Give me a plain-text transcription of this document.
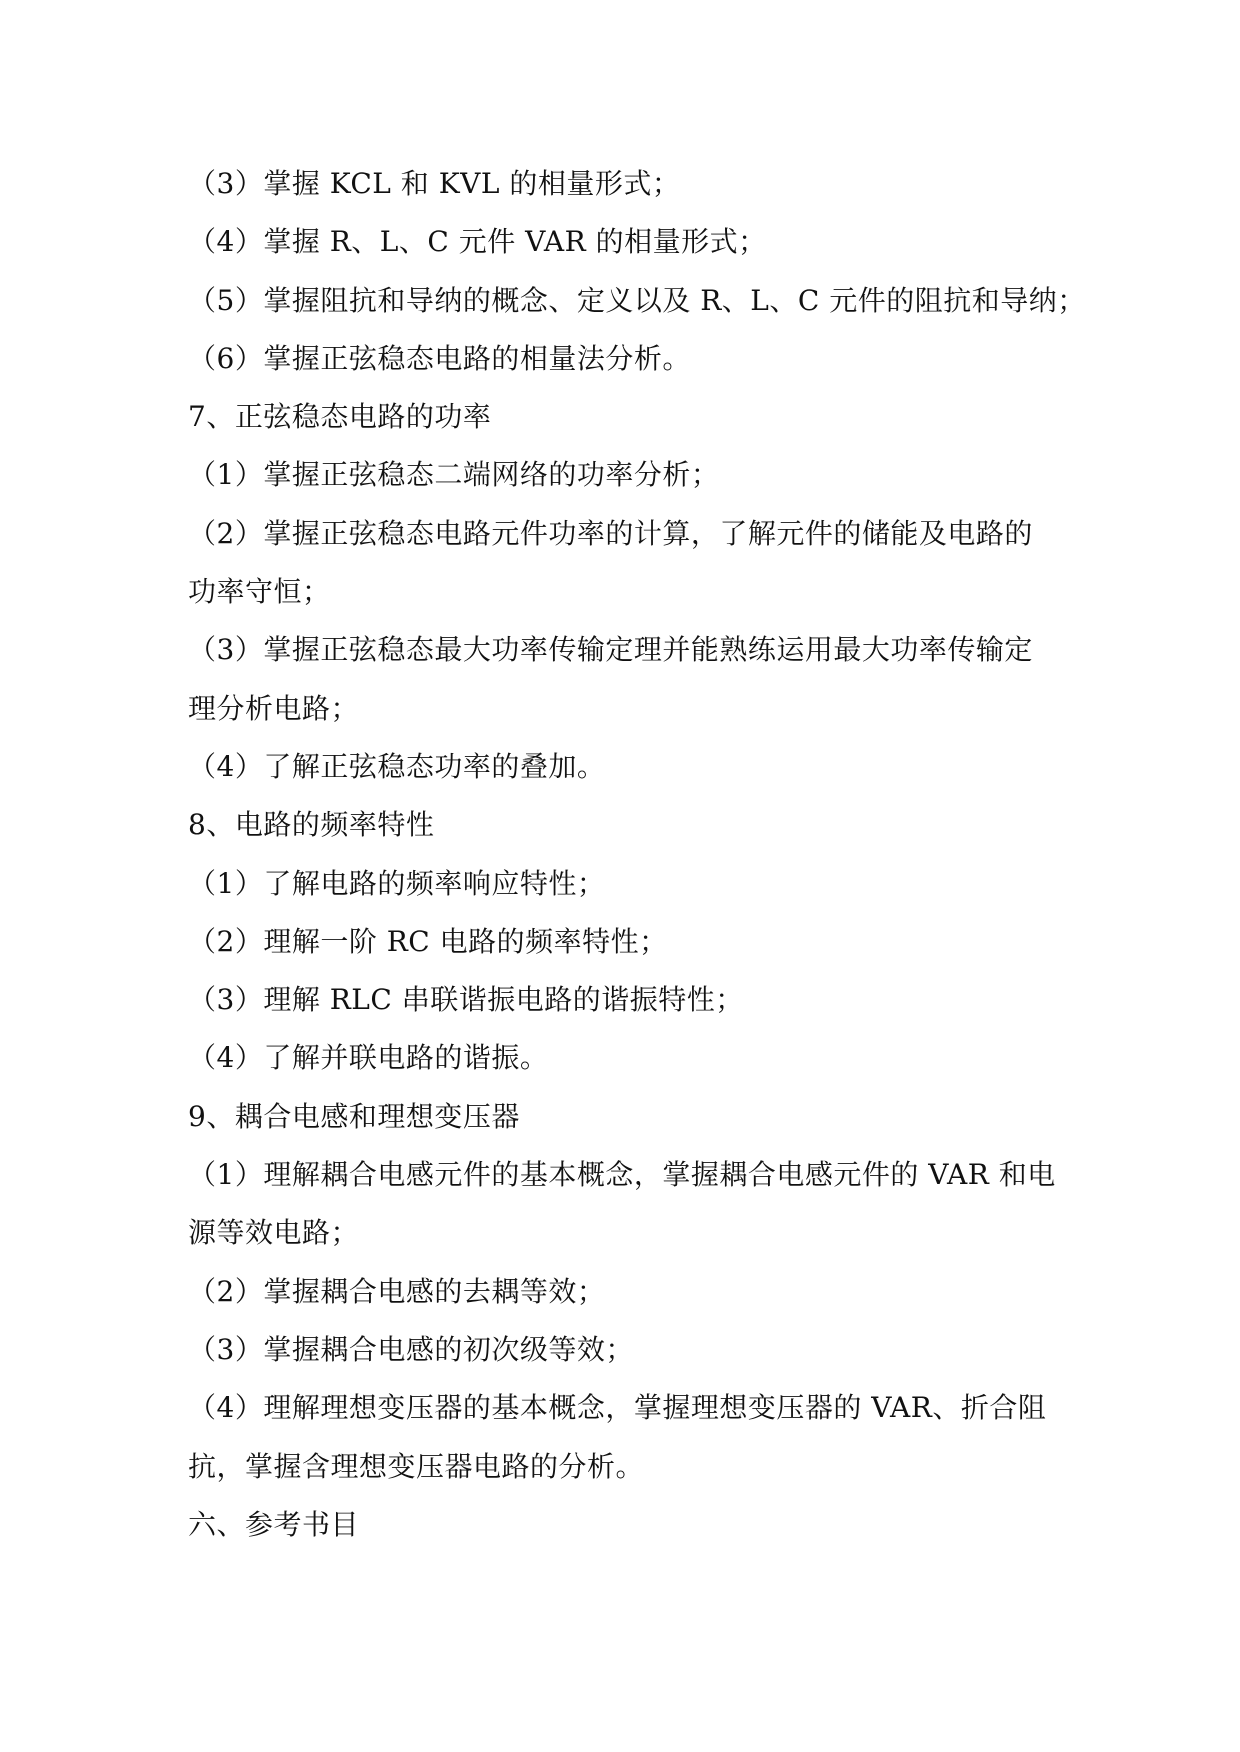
（3）掌握 KCL 和 KVL 的相量形式；
（4）掌握 R、L、C 元件 VAR 的相量形式；
（5）掌握阻抗和导纳的概念、定义以及 R、L、C 元件的阻抗和导纳；
（6）掌握正弦稳态电路的相量法分析。
7、正弦稳态电路的功率
（1）掌握正弦稳态二端网络的功率分析；
（2）掌握正弦稳态电路元件功率的计算，了解元件的储能及电路的
功率守恒；
（3）掌握正弦稳态最大功率传输定理并能熟练运用最大功率传输定
理分析电路；
（4）了解正弦稳态功率的叠加。
8、电路的频率特性
（1）了解电路的频率响应特性；
（2）理解一阶 RC 电路的频率特性；
（3）理解 RLC 串联谐振电路的谐振特性；
（4）了解并联电路的谐振。
9、耦合电感和理想变压器
（1）理解耦合电感元件的基本概念，掌握耦合电感元件的 VAR 和电
源等效电路；
（2）掌握耦合电感的去耦等效；
（3）掌握耦合电感的初次级等效；
（4）理解理想变压器的基本概念，掌握理想变压器的 VAR、折合阻
抗，掌握含理想变压器电路的分析。
六、参考书目
